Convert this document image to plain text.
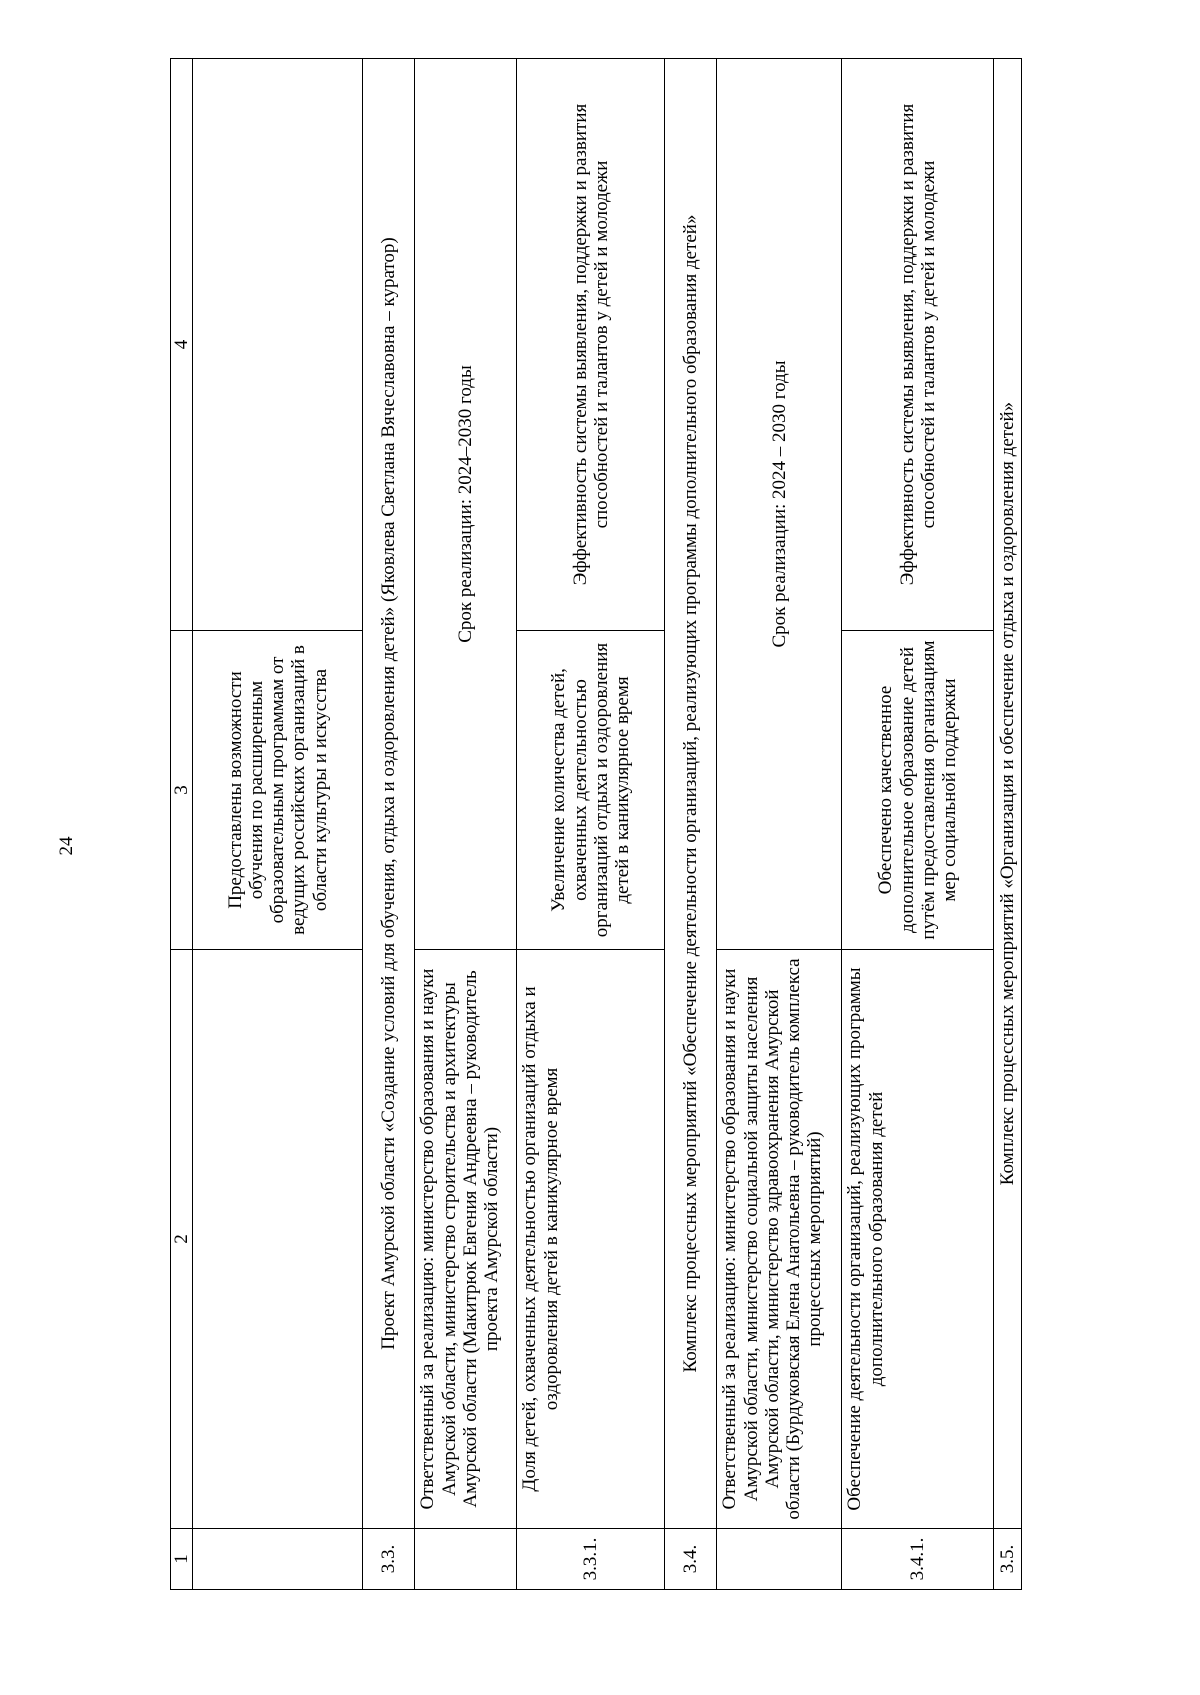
24
1	2	3	4
		Предоставлены возможности обучения по расширенным образовательным программам от ведущих российских организаций в области культуры и искусства	
3.3.	Проект Амурской области «Создание условий для обучения, отдыха и оздоровления детей» (Яковлева Светлана Вячеславовна – куратор)		
	Ответственный за реализацию: министерство образования и науки Амурской области, министерство строительства и архитектуры Амурской области (Макитрюк Евгения Андреевна – руководитель проекта Амурской области)	Срок реализации: 2024–2030 годы	
3.3.1.	Доля детей, охваченных деятельностью организаций отдыха и оздоровления детей в каникулярное время	Увеличение количества детей, охваченных деятельностью организаций отдыха и оздоровления детей в каникулярное время	Эффективность системы выявления, поддержки и развития способностей и талантов у детей и молодежи
3.4.	Комплекс процессных мероприятий «Обеспечение деятельности организаций, реализующих программы дополнительного образования детей»		
	Ответственный за реализацию: министерство образования и науки Амурской области, министерство социальной защиты населения Амурской области, министерство здравоохранения Амурской области (Бурдуковская Елена Анатольевна – руководитель комплекса процессных мероприятий)	Срок реализации: 2024 – 2030 годы	
3.4.1.	Обеспечение деятельности организаций, реализующих программы дополнительного образования детей	Обеспечено качественное дополнительное образование детей путём предоставления организациям мер социальной поддержки	Эффективность системы выявления, поддержки и развития способностей и талантов у детей и молодежи
3.5.	Комплекс процессных мероприятий «Организация и обеспечение отдыха и оздоровления детей»		
